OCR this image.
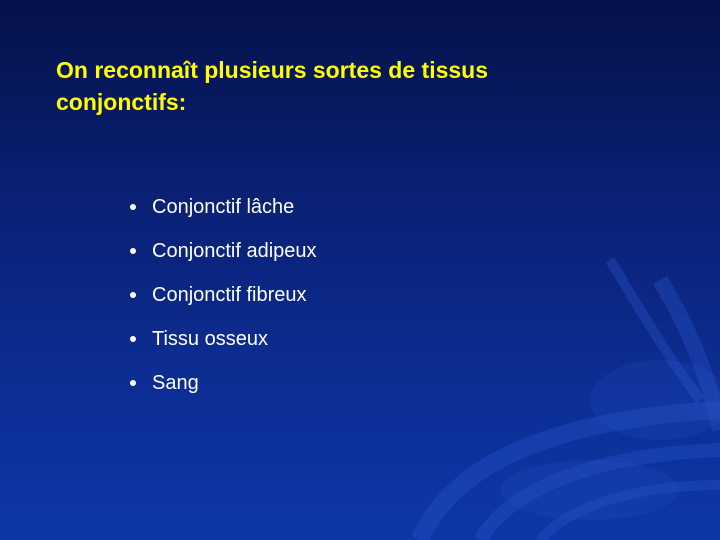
On reconnaît plusieurs sortes de tissus conjonctifs:
Conjonctif lâche
Conjonctif adipeux
Conjonctif fibreux
Tissu osseux
Sang
